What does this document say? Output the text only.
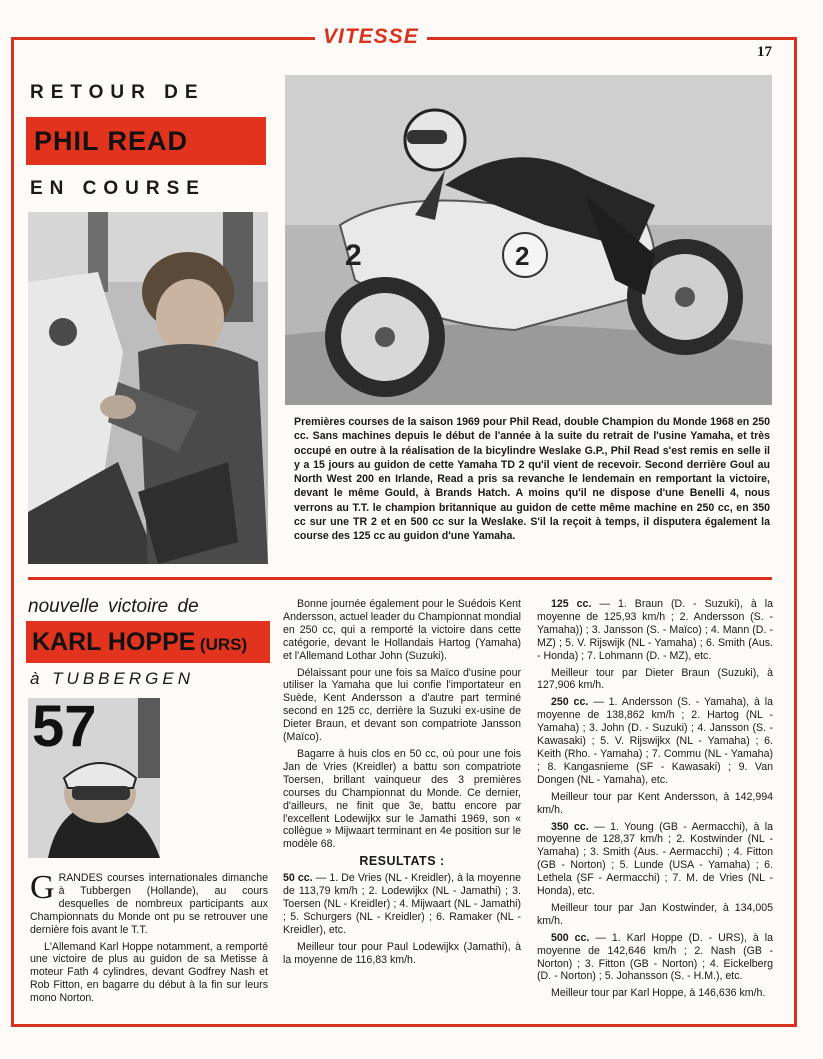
VITESSE
17
RETOUR DE
PHIL READ
EN COURSE
2
2
Premières courses de la saison 1969 pour Phil Read, double Champion du Monde 1968 en 250 cc. Sans machines depuis le début de l'année à la suite du retrait de l'usine Yamaha, et très occupé en outre à la réalisation de la bicylindre Weslake G.P., Phil Read s'est remis en selle il y a 15 jours au guidon de cette Yamaha TD 2 qu'il vient de recevoir. Second derrière Goul au North West 200 en Irlande, Read a pris sa revanche le lendemain en remportant la victoire, devant le même Gould, à Brands Hatch. A moins qu'il ne dispose d'une Benelli 4, nous verrons au T.T. le champion britannique au guidon de cette même machine en 250 cc, en 350 cc sur une TR 2 et en 500 cc sur la Weslake. S'il la reçoit à temps, il disputera également la course des 125 cc au guidon d'une Yamaha.
nouvelle victoire de
KARL HOPPE (URS)
à TUBBERGEN
57

GRANDES courses internationales dimanche à Tubbergen (Hollande), au cours desquelles de nombreux participants aux Championnats du Monde ont pu se retrouver une dernière fois avant le T.T.

L'Allemand Karl Hoppe notamment, a remporté une victoire de plus au guidon de sa Metisse à moteur Fath 4 cylindres, devant Godfrey Nash et Rob Fitton, en bagarre du début à la fin sur leurs mono Norton.

Bonne journée également pour le Suédois Kent Andersson, actuel leader du Championnat mondial en 250 cc, qui a remporté la victoire dans cette catégorie, devant le Hollandais Hartog (Yamaha) et l'Allemand Lothar John (Suzuki).

Délaissant pour une fois sa Maïco d'usine pour utiliser la Yamaha que lui confie l'importateur en Suède, Kent Andersson a d'autre part terminé second en 125 cc, derrière la Suzuki ex-usine de Dieter Braun, et devant son compatriote Jansson (Maïco).

Bagarre à huis clos en 50 cc, où pour une fois Jan de Vries (Kreidler) a battu son compatriote Toersen, brillant vainqueur des 3 premières courses du Championnat du Monde. Ce dernier, d'ailleurs, ne finit que 3e, battu encore par l'excellent Lodewijkx sur le Jamathi 1969, son « collègue » Mijwaart terminant en 4e position sur le modèle 68.

RESULTATS :

50 cc. — 1. De Vries (NL - Kreidler), à la moyenne de 113,79 km/h ; 2. Lodewijkx (NL - Jamathi) ; 3. Toersen (NL - Kreidler) ; 4. Mijwaart (NL - Jamathi) ; 5. Schurgers (NL - Kreidler) ; 6. Ramaker (NL - Kreidler), etc.

Meilleur tour pour Paul Lodewijkx (Jamathi), à la moyenne de 116,83 km/h.

125 cc. — 1. Braun (D. - Suzuki), à la moyenne de 125,93 km/h ; 2. Andersson (S. - Yamaha)) ; 3. Jansson (S. - Maïco) ; 4. Mann (D. - MZ) ; 5. V. Rijswijk (NL - Yamaha) ; 6. Smith (Aus. - Honda) ; 7. Lohmann (D. - MZ), etc.

Meilleur tour par Dieter Braun (Suzuki), à 127,906 km/h.

250 cc. — 1. Andersson (S. - Yamaha), à la moyenne de 138,862 km/h ; 2. Hartog (NL - Yamaha) ; 3. John (D. - Suzuki) ; 4. Jansson (S. - Kawasaki) ; 5. V. Rijswijkx (NL - Yamaha) ; 6. Keith (Rho. - Yamaha) ; 7. Commu (NL - Yamaha) ; 8. Kangasnieme (SF - Kawasaki) ; 9. Van Dongen (NL - Yamaha), etc.

Meilleur tour par Kent Andersson, à 142,994 km/h.

350 cc. — 1. Young (GB - Aermacchi), à la moyenne de 128,37 km/h ; 2. Kostwinder (NL - Yamaha) ; 3. Smith (Aus. - Aermacchi) ; 4. Fitton (GB - Norton) ; 5. Lunde (USA - Yamaha) ; 6. Lethela (SF - Aermacchi) ; 7. M. de Vries (NL - Honda), etc.

Meilleur tour par Jan Kostwinder, à 134,005 km/h.

500 cc. — 1. Karl Hoppe (D. - URS), à la moyenne de 142,646 km/h ; 2. Nash (GB - Norton) ; 3. Fitton (GB - Norton) ; 4. Eickelberg (D. - Norton) ; 5. Johansson (S. - H.M.), etc.

Meilleur tour par Karl Hoppe, à 146,636 km/h.
